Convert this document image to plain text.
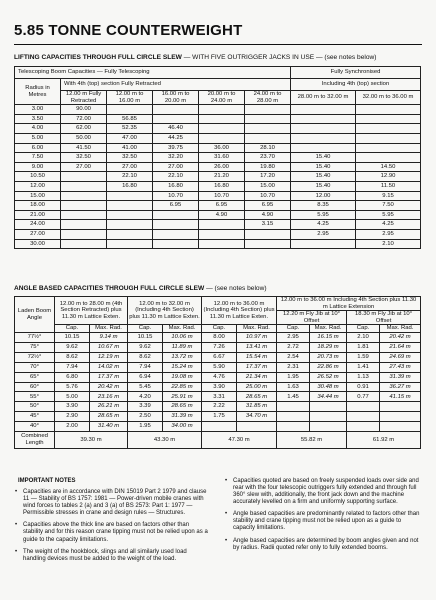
5.85 TONNE COUNTERWEIGHT
LIFTING CAPACITIES THROUGH FULL CIRCLE SLEW — WITH FIVE OUTRIGGER JACKS IN USE — (see notes below)
Telescoping Boom Capacities — Fully Telescoping						Fully Synchronised	
Radius in Metres	With 4th (top) section Fully Retracted					Including 4th (top) section	
	12.00 m Fully Retracted	12.00 m to 16.00 m	16.00 m to 20.00 m	20.00 m to 24.00 m	24.00 m to 28.00 m	28.00 m to 32.00 m	32.00 m to 36.00 m
3.00	90.00						
3.50	72.00	56.85					
4.00	62.00	52.35	46.40				
5.00	50.00	47.00	44.25				
6.00	41.50	41.00	39.75	36.00	28.10		
7.50	32.50	32.50	32.20	31.60	23.70	15.40	
9.00	27.00	27.00	27.00	26.00	19.80	15.40	14.50
10.50		22.10	22.10	21.20	17.20	15.40	12.90
12.00		16.80	16.80	16.80	15.00	15.40	11.50
15.00			10.70	10.70	10.70	12.00	9.15
18.00			6.95	6.95	6.95	8.35	7.50
21.00				4.90	4.90	5.95	5.95
24.00					3.15	4.25	4.25
27.00						2.95	2.95
30.00							2.10
ANGLE BASED CAPACITIES THROUGH FULL CIRCLE SLEW — (see notes below)
Laden Boom Angle	12.00 m to 28.00 m (4th Section Retracted) plus 11.30 m Lattice Exten.		12.00 m to 32.00 m (Including 4th Section) plus 11.30 m Lattice Exten.		12.00 m to 36.00 m (Including 4th Section) plus 11.30 m Lattice Exten.		12.00 m to 36.00 m Including 4th Section plus 11.30 m Lattice Extension			
							12.20 m Fly Jib at 10° Offset		18.30 m Fly Jib at 10° Offset	
	Cap.	Max. Rad.	Cap.	Max. Rad.	Cap.	Max. Rad.	Cap.	Max. Rad.	Cap.	Max. Rad.
77½°	10.15	9.14 m	10.15	10.06 m	8.00	10.97 m	2.95	16.15 m	2.10	20.42 m
75°	9.62	10.67 m	9.62	11.89 m	7.26	13.41 m	2.72	18.29 m	1.81	21.64 m
72½°	8.62	12.19 m	8.62	13.72 m	6.67	15.54 m	2.54	20.73 m	1.59	24.69 m
70°	7.94	14.02 m	7.94	15.24 m	5.90	17.37 m	2.31	22.86 m	1.41	27.43 m
65°	6.80	17.37 m	6.94	19.08 m	4.76	21.34 m	1.95	26.52 m	1.13	31.39 m
60°	5.76	20.42 m	5.45	22.85 m	3.90	25.00 m	1.63	30.48 m	0.91	36.27 m
55°	5.00	23.16 m	4.20	25.91 m	3.31	28.65 m	1.45	34.44 m	0.77	41.15 m
50°	3.90	26.21 m	3.39	28.65 m	2.22	31.85 m				
45°	2.90	28.65 m	2.50	31.39 m	1.75	34.70 m				
40°	2.00	31.40 m	1.95	34.00 m						
Combined Length	39.30 m		43.30 m		47.30 m		55.82 m		61.92 m	
IMPORTANT NOTES
• Capacities are in accordance with DIN 15019 Part 2 1979 and clause 11 — Stability of BS 1757: 1981 — Power-driven mobile cranes with wind forces to tables 2 (a) and 3 (a) of BS 2573: Part 1: 1977 — Permissible stresses in crane and design rules — Structures.
• Capacities above the thick line are based on factors other than stability and for this reason crane tipping must not be relied upon as a guide to the capacity limitations.
• The weight of the hookblock, slings and all similarly used load handling devices must be added to the weight of the load.
• Capacities quoted are based on freely suspended loads over side and rear with the four telescopic outriggers fully extended and through full 360° slew with, additionally, the front jack down and the machine accurately levelled on a firm and uniformly supporting surface.
• Angle based capacities are predominantly related to factors other than stability and crane tipping must not be relied upon as a guide to capacity limitations.
• Angle based capacities are determined by boom angles given and not by radius. Radii quoted refer only to fully extended booms.
